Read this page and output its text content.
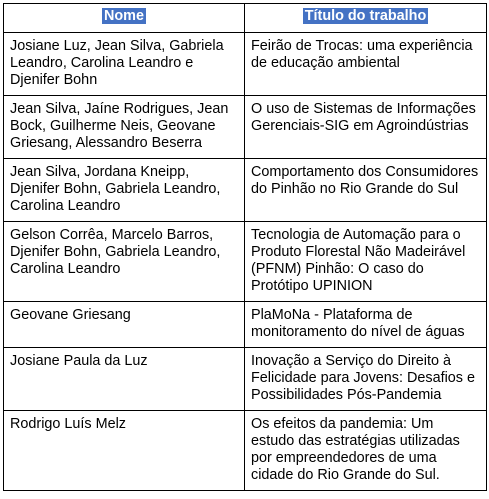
Nome	Título do trabalho
Josiane Luz, Jean Silva, Gabriela Leandro, Carolina Leandro e Djenifer Bohn	Feirão de Trocas: uma experiência de educação ambiental
Jean Silva, Jaíne Rodrigues, Jean Bock, Guilherme Neis, Geovane Griesang, Alessandro Beserra	O uso de Sistemas de Informações Gerenciais-SIG em Agroindústrias
Jean Silva, Jordana Kneipp, Djenifer Bohn, Gabriela Leandro, Carolina Leandro	Comportamento dos Consumidores do Pinhão no Rio Grande do Sul
Gelson Corrêa, Marcelo Barros, Djenifer Bohn, Gabriela Leandro, Carolina Leandro	Tecnologia de Automação para o Produto Florestal Não Madeirável (PFNM) Pinhão: O caso do Protótipo UPINION
Geovane Griesang	PlaMoNa - Plataforma de monitoramento do nível de águas
Josiane Paula da Luz	Inovação a Serviço do Direito à Felicidade para Jovens: Desafios e Possibilidades Pós-Pandemia
Rodrigo Luís Melz	Os efeitos da pandemia: Um estudo das estratégias utilizadas por empreendedores de uma cidade do Rio Grande do Sul.
